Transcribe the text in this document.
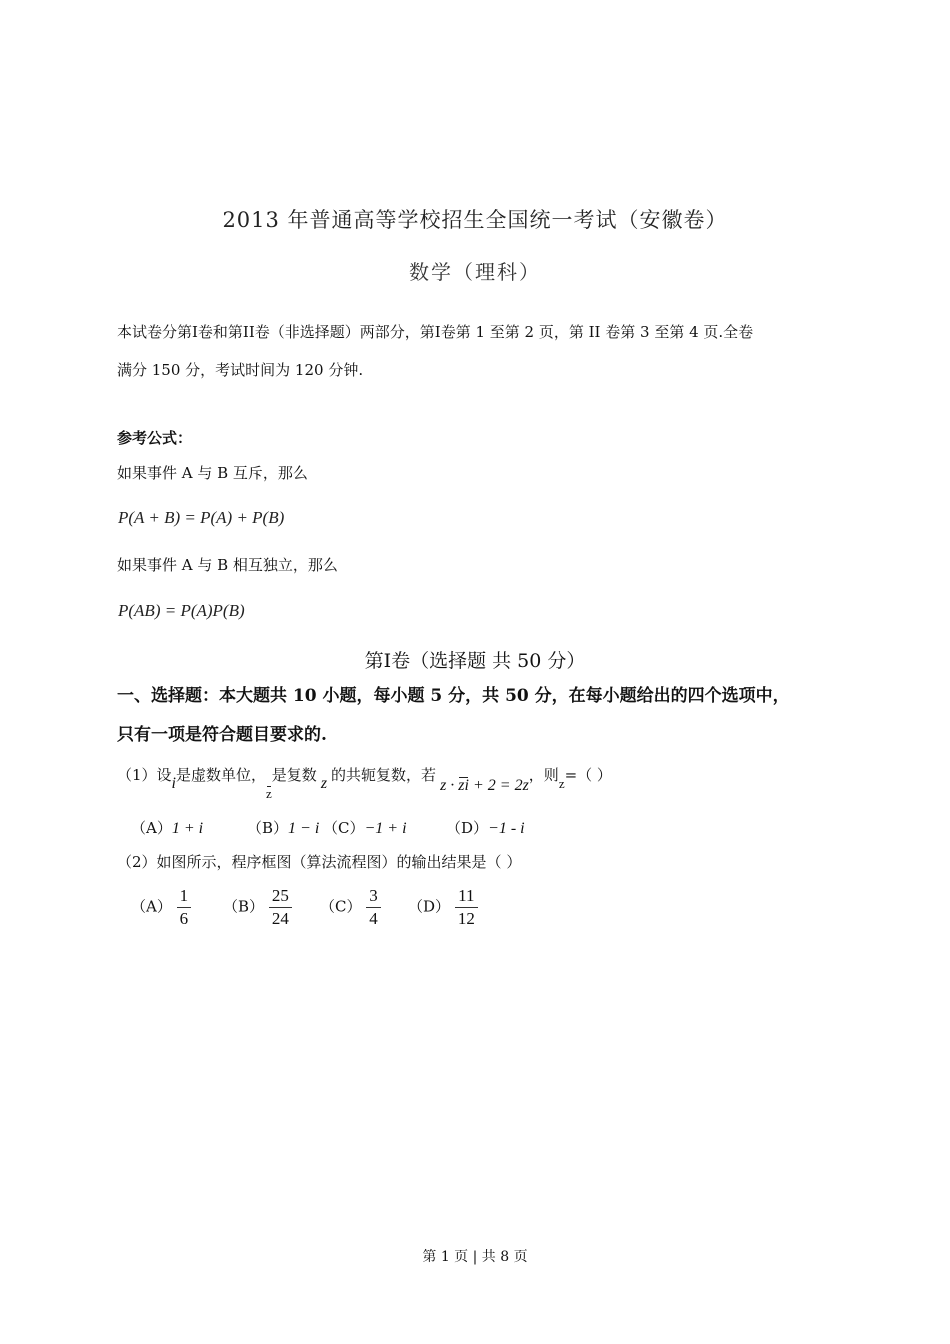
2013 年普通高等学校招生全国统一考试（安徽卷）
数学（理科）
本试卷分第Ⅰ卷和第II卷（非选择题）两部分，第Ⅰ卷第 1 至第 2 页，第 II 卷第 3 至第 4 页.全卷
满分 150 分，考试时间为 120 分钟.
参考公式：
如果事件 A 与 B 互斥，那么
P(A + B) = P(A) + P(B)
如果事件 A 与 B 相互独立，那么
P(AB) = P(A)P(B)
第Ⅰ卷（选择题 共 50 分）
一、选择题：本大题共 10 小题，每小题 5 分，共 50 分，在每小题给出的四个选项中，
只有一项是符合题目要求的.
（1）设i是虚数单位，z是复数 z 的共轭复数，若z · zi + 2 = 2z，则z=（ ）
（A）1 + i	（B）1 − i （C）−1 + i	（D）−1 - i
（2）如图所示，程序框图（算法流程图）的输出结果是（ ）
$(A) \frac{1}{6} (B) \frac{25}{24} (C) \frac{3}{4} (D) \frac{11}{12}$
第 1 页 | 共 8 页
